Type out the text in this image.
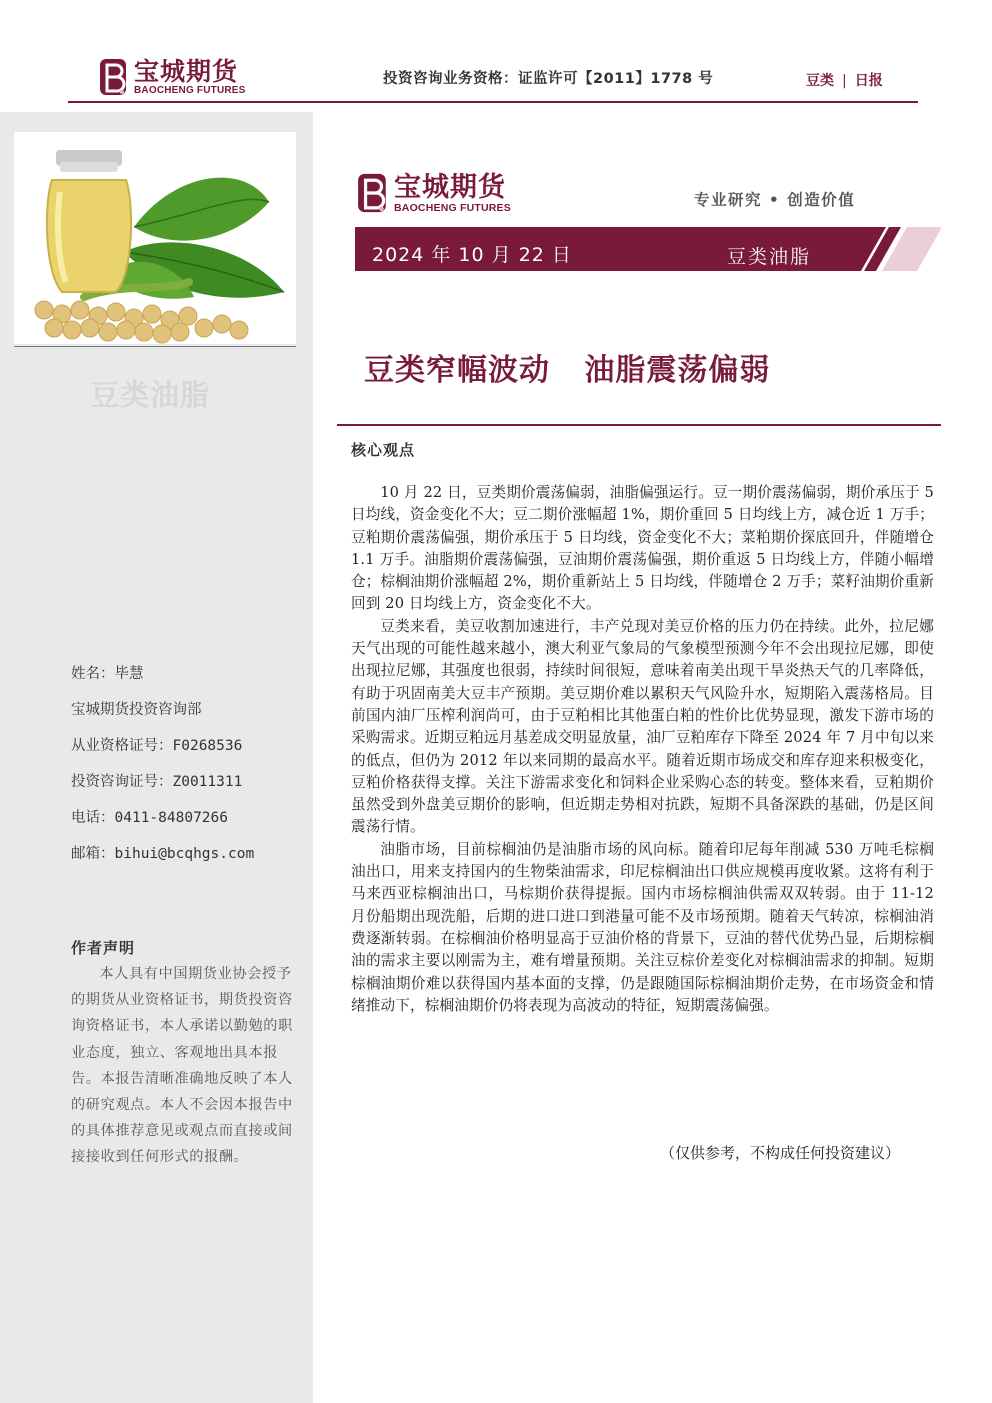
宝城期货
BAOCHENG FUTURES
投资咨询业务资格：证监许可【2011】1778 号	豆类 | 日报
豆类油脂
姓名：毕慧
宝城期货投资咨询部
从业资格证号：F0268536
投资咨询证号：Z0011311
电话：0411-84807266
邮箱：bihui@bcqhgs.com
作者声明
本人具有中国期货业协会授予的期货从业资格证书，期货投资咨询资格证书，本人承诺以勤勉的职业态度，独立、客观地出具本报告。本报告清晰准确地反映了本人的研究观点。本人不会因本报告中的具体推荐意见或观点而直接或间接接收到任何形式的报酬。
宝城期货
BAOCHENG FUTURES	专业研究 • 创造价值
2024 年 10 月 22 日	豆类油脂
豆类窄幅波动   油脂震荡偏弱
核心观点

10 月 22 日，豆类期价震荡偏弱，油脂偏强运行。豆一期价震荡偏弱，期价承压于 5 日均线，资金变化不大；豆二期价涨幅超 1%，期价重回 5 日均线上方，减仓近 1 万手；豆粕期价震荡偏强，期价承压于 5 日均线，资金变化不大；菜粕期价探底回升，伴随增仓 1.1 万手。油脂期价震荡偏强，豆油期价震荡偏强，期价重返 5 日均线上方，伴随小幅增仓；棕榈油期价涨幅超 2%，期价重新站上 5 日均线，伴随增仓 2 万手；菜籽油期价重新回到 20 日均线上方，资金变化不大。

豆类来看，美豆收割加速进行，丰产兑现对美豆价格的压力仍在持续。此外，拉尼娜天气出现的可能性越来越小，澳大利亚气象局的气象模型预测今年不会出现拉尼娜，即使出现拉尼娜，其强度也很弱，持续时间很短，意味着南美出现干旱炎热天气的几率降低，有助于巩固南美大豆丰产预期。美豆期价难以累积天气风险升水，短期陷入震荡格局。目前国内油厂压榨利润尚可，由于豆粕相比其他蛋白粕的性价比优势显现，激发下游市场的采购需求。近期豆粕远月基差成交明显放量，油厂豆粕库存下降至 2024 年 7 月中旬以来的低点，但仍为 2012 年以来同期的最高水平。随着近期市场成交和库存迎来积极变化，豆粕价格获得支撑。关注下游需求变化和饲料企业采购心态的转变。整体来看，豆粕期价虽然受到外盘美豆期价的影响，但近期走势相对抗跌，短期不具备深跌的基础，仍是区间震荡行情。

油脂市场，目前棕榈油仍是油脂市场的风向标。随着印尼每年削减 530 万吨毛棕榈油出口，用来支持国内的生物柴油需求，印尼棕榈油出口供应规模再度收紧。这将有利于马来西亚棕榈油出口，马棕期价获得提振。国内市场棕榈油供需双双转弱。由于 11-12 月份船期出现洗船，后期的进口进口到港量可能不及市场预期。随着天气转凉，棕榈油消费逐渐转弱。在棕榈油价格明显高于豆油价格的背景下，豆油的替代优势凸显，后期棕榈油的需求主要以刚需为主，难有增量预期。关注豆棕价差变化对棕榈油需求的抑制。短期棕榈油期价难以获得国内基本面的支撑，仍是跟随国际棕榈油期价走势，在市场资金和情绪推动下，棕榈油期价仍将表现为高波动的特征，短期震荡偏强。

（仅供参考，不构成任何投资建议）
